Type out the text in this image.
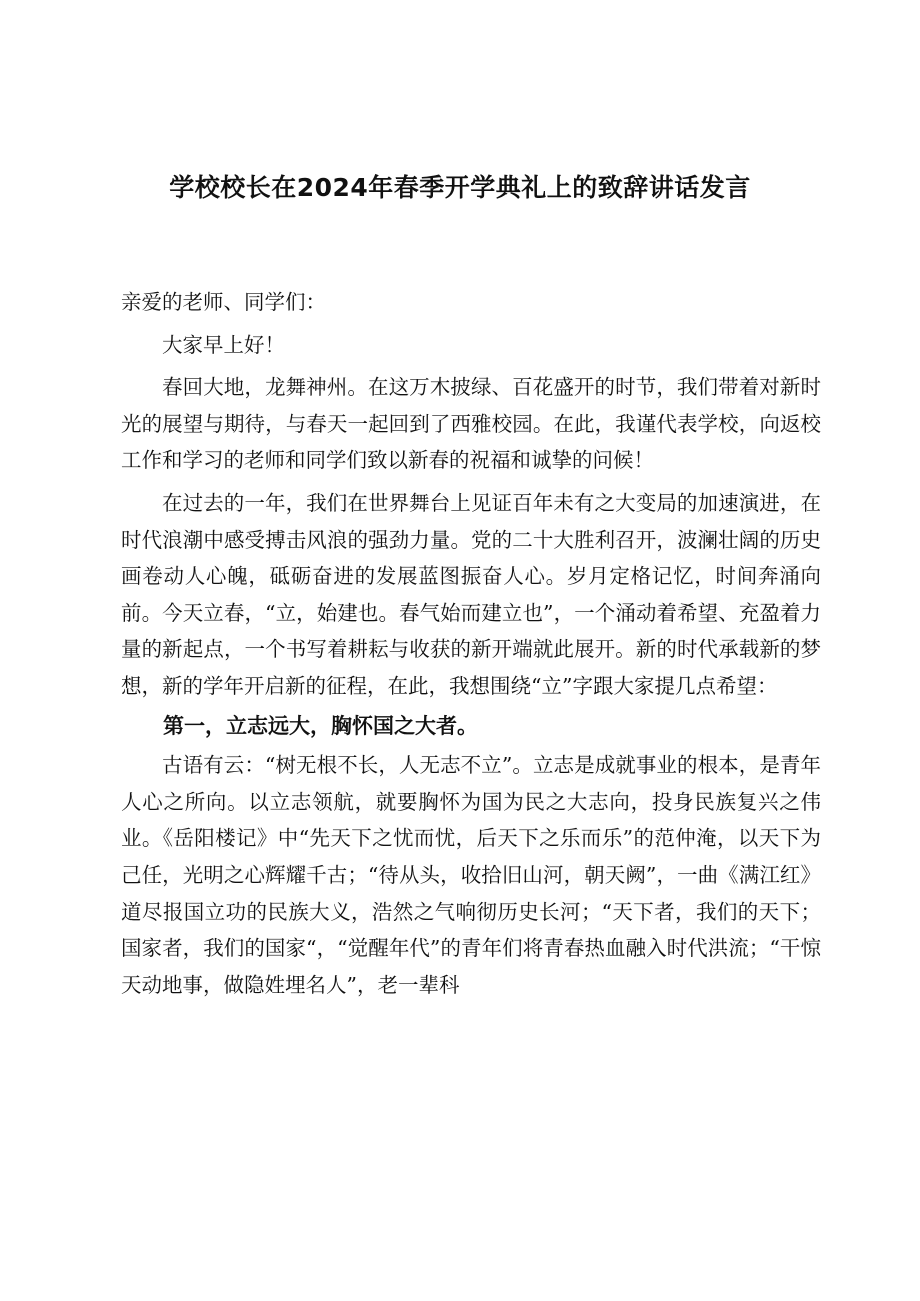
学校校长在2024年春季开学典礼上的致辞讲话发言

亲爱的老师、同学们：

大家早上好！

春回大地，龙舞神州。在这万木披绿、百花盛开的时节，我们带着对新时光的展望与期待，与春天一起回到了西雅校园。在此，我谨代表学校，向返校工作和学习的老师和同学们致以新春的祝福和诚挚的问候！

在过去的一年，我们在世界舞台上见证百年未有之大变局的加速演进，在时代浪潮中感受搏击风浪的强劲力量。党的二十大胜利召开，波澜壮阔的历史画卷动人心魄，砥砺奋进的发展蓝图振奋人心。岁月定格记忆，时间奔涌向前。今天立春，“立，始建也。春气始而建立也”，一个涌动着希望、充盈着力量的新起点，一个书写着耕耘与收获的新开端就此展开。新的时代承载新的梦想，新的学年开启新的征程，在此，我想围绕“立”字跟大家提几点希望：

第一，立志远大，胸怀国之大者。

古语有云：“树无根不长，人无志不立”。立志是成就事业的根本，是青年人心之所向。以立志领航，就要胸怀为国为民之大志向，投身民族复兴之伟业。《岳阳楼记》中“先天下之忧而忧，后天下之乐而乐”的范仲淹，以天下为己任，光明之心辉耀千古；“待从头，收拾旧山河，朝天阙”，一曲《满江红》道尽报国立功的民族大义，浩然之气响彻历史长河；“天下者，我们的天下；国家者，我们的国家“，“觉醒年代”的青年们将青春热血融入时代洪流；“干惊天动地事，做隐姓埋名人”，老一辈科
